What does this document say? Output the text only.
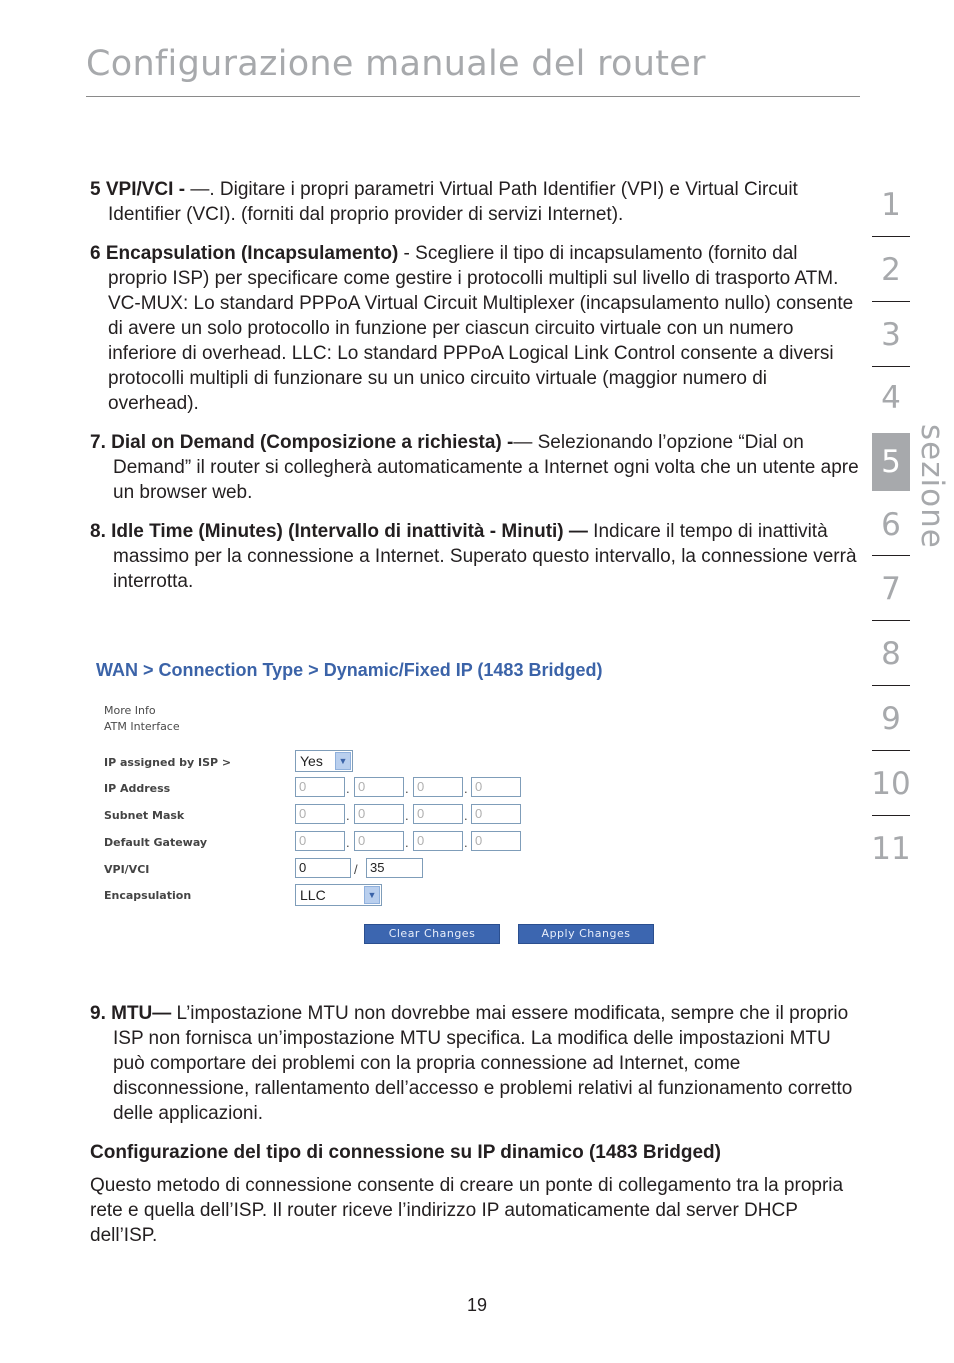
Configurazione manuale del router

5 VPI/VCI - —. Digitare i propri parametri Virtual Path Identifier (VPI) e Virtual Circuit Identifier (VCI). (forniti dal proprio provider di servizi Internet).

6 Encapsulation (Incapsulamento) - Scegliere il tipo di incapsulamento (fornito dal proprio ISP) per specificare come gestire i protocolli multipli sul livello di trasporto ATM. VC-MUX: Lo standard PPPoA Virtual Circuit Multiplexer (incapsulamento nullo) consente di avere un solo protocollo in funzione per ciascun circuito virtuale con un numero inferiore di overhead. LLC: Lo standard PPPoA Logical Link Control consente a diversi protocolli multipli di funzionare su un unico circuito virtuale (maggior numero di overhead).

7. Dial on Demand (Composizione a richiesta) -— Selezionando l’opzione “Dial on Demand” il router si collegherà automaticamente a Internet ogni volta che un utente apre un browser web.

8. Idle Time (Minutes) (Intervallo di inattività - Minuti) — Indicare il tempo di inattività massimo per la connessione a Internet. Superato questo intervallo, la connessione verrà interrotta.

WAN > Connection Type > Dynamic/Fixed IP (1483 Bridged)
More Info
ATM Interface
IP assigned by ISP >	Yes	▼
IP Address	0	. 0	. 0	. 0
Subnet Mask	0	. 0	. 0	. 0
Default Gateway	0	. 0	. 0	. 0
VPI/VCI	0	/ 35
Encapsulation	LLC	▼
Clear Changes	Apply Changes

9. MTU— L’impostazione MTU non dovrebbe mai essere modificata, sempre che il proprio ISP non fornisca un’impostazione MTU specifica. La modifica delle impostazioni MTU può comportare dei problemi con la propria connessione ad Internet, come disconnessione, rallentamento dell’accesso e problemi relativi al funzionamento corretto delle applicazioni.

Configurazione del tipo di connessione su IP dinamico (1483 Bridged)

Questo metodo di connessione consente di creare un ponte di collegamento tra la propria rete e quella dell’ISP. Il router riceve l’indirizzo IP automaticamente dal server DHCP dell’ISP.

1
2
3
4
5
6
7
8
9
10
11
sezione
19
